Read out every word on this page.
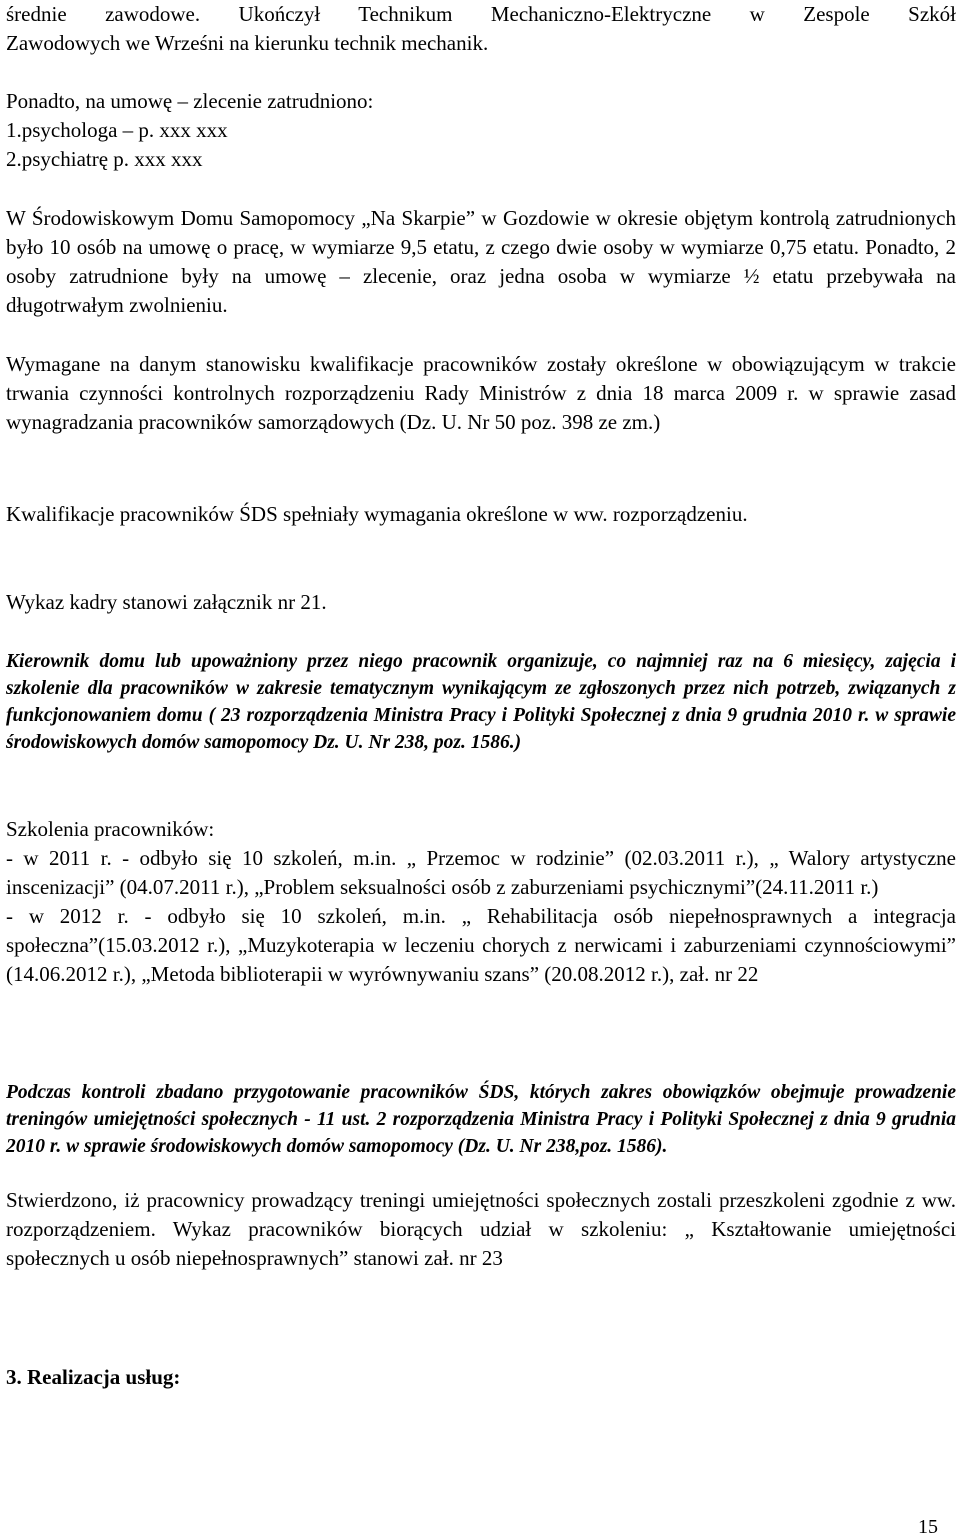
średnie zawodowe. Ukończył Technikum Mechaniczno-Elektryczne w Zespole Szkół

Zawodowych we Wrześni na kierunku technik mechanik.

Ponadto, na umowę – zlecenie zatrudniono:

1.psychologa – p. xxx xxx

2.psychiatrę p. xxx xxx

W Środowiskowym Domu Samopomocy „Na Skarpie” w Gozdowie w okresie objętym kontrolą zatrudnionych było 10 osób na umowę o pracę, w wymiarze 9,5 etatu, z czego dwie osoby w wymiarze 0,75 etatu. Ponadto, 2 osoby zatrudnione były na umowę – zlecenie, oraz jedna osoba w wymiarze ½ etatu przebywała na długotrwałym zwolnieniu.

Wymagane na danym stanowisku kwalifikacje pracowników zostały określone w obowiązującym w trakcie trwania czynności kontrolnych rozporządzeniu Rady Ministrów z dnia 18 marca 2009 r. w sprawie zasad wynagradzania pracowników samorządowych (Dz. U. Nr 50 poz. 398 ze zm.)

Kwalifikacje pracowników ŚDS spełniały wymagania określone w ww. rozporządzeniu.

Wykaz kadry stanowi załącznik nr 21.

Kierownik domu lub upoważniony przez niego pracownik organizuje, co najmniej raz na 6 miesięcy, zajęcia i szkolenie dla pracowników w zakresie tematycznym wynikającym ze zgłoszonych przez nich potrzeb, związanych z funkcjonowaniem domu ( 23 rozporządzenia Ministra Pracy i Polityki Społecznej z dnia 9 grudnia 2010 r. w sprawie środowiskowych domów samopomocy Dz. U. Nr 238, poz. 1586.)

Szkolenia pracowników:

- w 2011 r. - odbyło się 10 szkoleń, m.in. „ Przemoc w rodzinie” (02.03.2011 r.), „ Walory artystyczne inscenizacji” (04.07.2011 r.), „Problem seksualności osób z zaburzeniami psychicznymi”(24.11.2011 r.)

- w 2012 r. - odbyło się 10 szkoleń, m.in. „ Rehabilitacja osób niepełnosprawnych a integracja społeczna”(15.03.2012 r.), „Muzykoterapia w leczeniu chorych z nerwicami i zaburzeniami czynnościowymi” (14.06.2012 r.), „Metoda biblioterapii w wyrównywaniu szans” (20.08.2012 r.), zał. nr 22

Podczas kontroli zbadano przygotowanie pracowników ŚDS, których zakres obowiązków obejmuje prowadzenie treningów umiejętności społecznych - 11 ust. 2 rozporządzenia Ministra Pracy i Polityki Społecznej z dnia 9 grudnia 2010 r. w sprawie środowiskowych domów samopomocy (Dz. U. Nr 238,poz. 1586).

Stwierdzono, iż pracownicy prowadzący treningi umiejętności społecznych zostali przeszkoleni zgodnie z ww. rozporządzeniem. Wykaz pracowników biorących udział w szkoleniu: „ Kształtowanie umiejętności społecznych u osób niepełnosprawnych” stanowi zał. nr 23

3. Realizacja usług:

15
